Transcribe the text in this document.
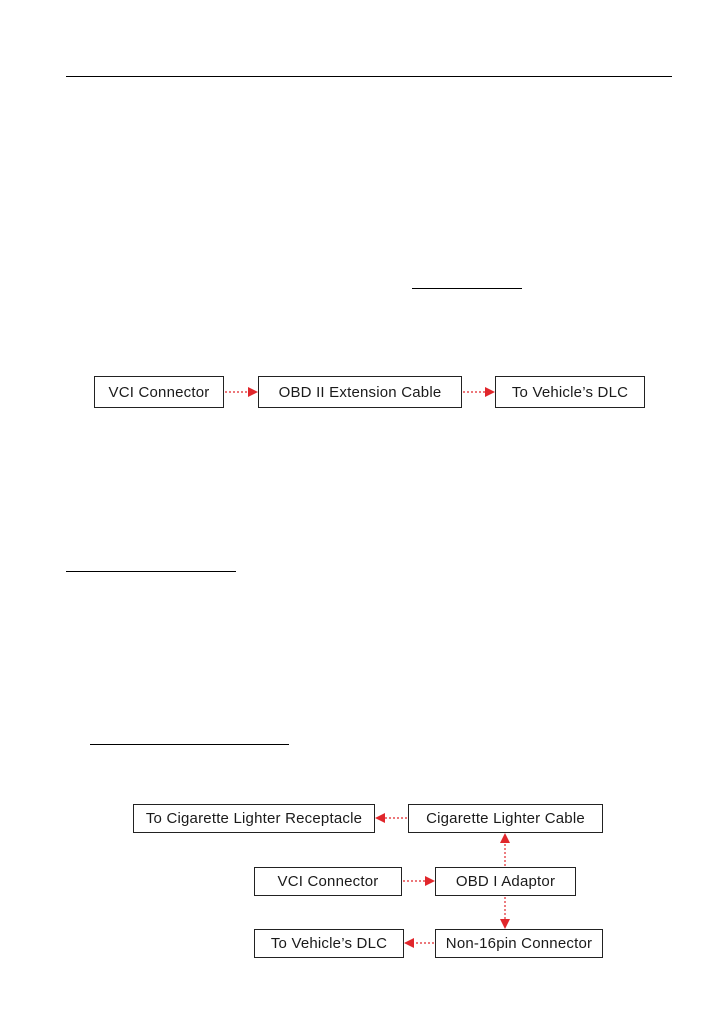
VCI Connector	OBD II Extension Cable	To Vehicle’s DLC
To Cigarette Lighter Receptacle	Cigarette Lighter Cable
VCI Connector	OBD I Adaptor
To Vehicle’s DLC	Non-16pin Connector
